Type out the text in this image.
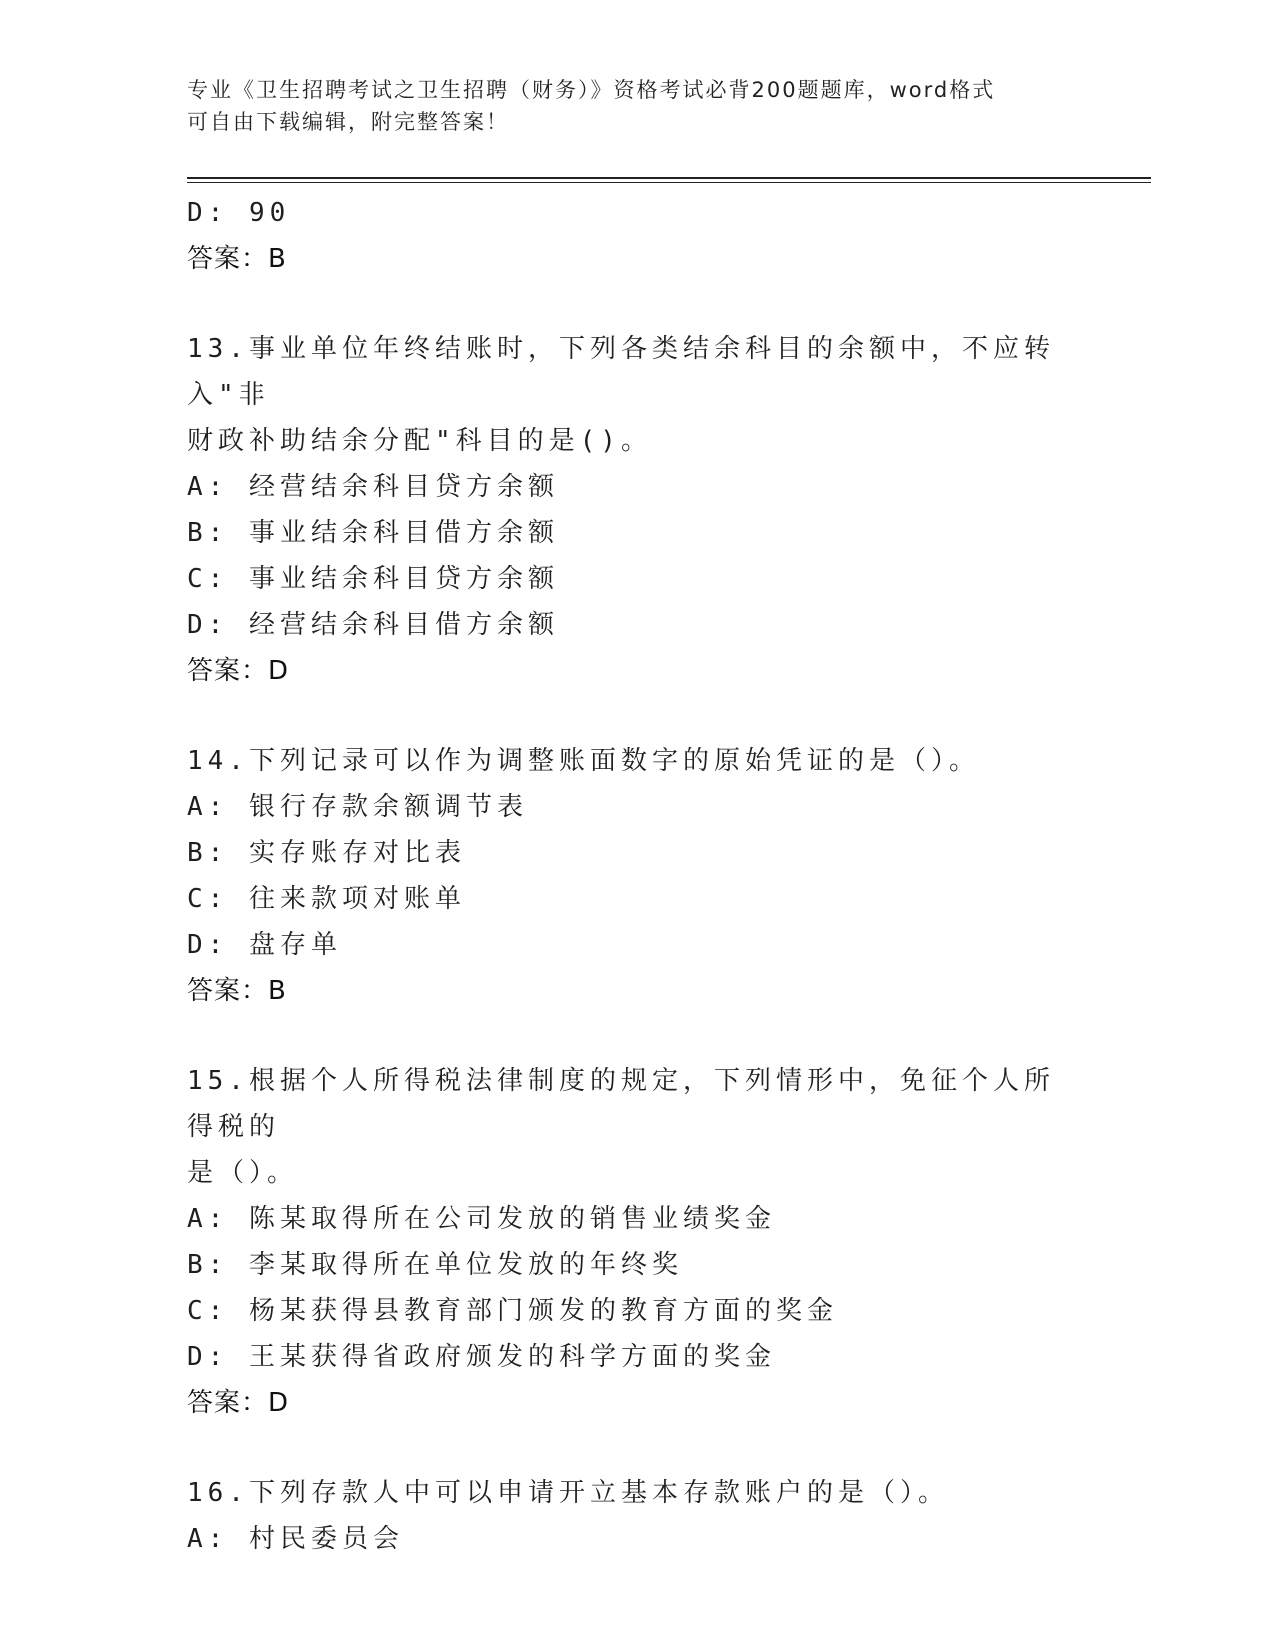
专业《卫生招聘考试之卫生招聘（财务）》资格考试必背200题题库，word格式
可自由下载编辑，附完整答案！
D: 90
答案：B
13.事业单位年终结账时，下列各类结余科目的余额中，不应转入"非
财政补助结余分配"科目的是()。
A: 经营结余科目贷方余额
B: 事业结余科目借方余额
C: 事业结余科目贷方余额
D: 经营结余科目借方余额
答案：D
14.下列记录可以作为调整账面数字的原始凭证的是（）。
A: 银行存款余额调节表
B: 实存账存对比表
C: 往来款项对账单
D: 盘存单
答案：B
15.根据个人所得税法律制度的规定，下列情形中，免征个人所得税的
是（）。
A: 陈某取得所在公司发放的销售业绩奖金
B: 李某取得所在单位发放的年终奖
C: 杨某获得县教育部门颁发的教育方面的奖金
D: 王某获得省政府颁发的科学方面的奖金
答案：D
16.下列存款人中可以申请开立基本存款账户的是（）。
A: 村民委员会
